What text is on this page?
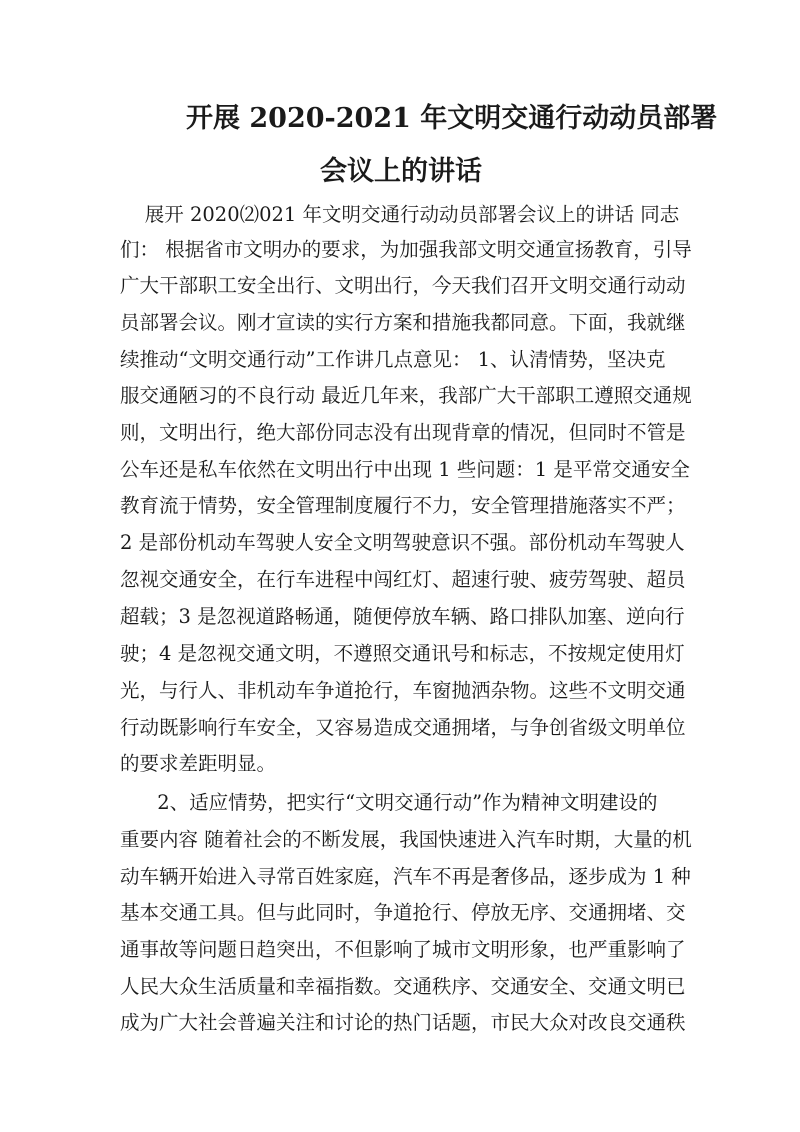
开展 2020-2021 年文明交通行动动员部署
会议上的讲话
展开 2020⑵021 年文明交通行动动员部署会议上的讲话 同志
们： 根据省市文明办的要求，为加强我部文明交通宣扬教育，引导
广大干部职工安全出行、文明出行，今天我们召开文明交通行动动
员部署会议。刚才宣读的实行方案和措施我都同意。下面，我就继
续推动“文明交通行动”工作讲几点意见： 1、认清情势，坚决克
服交通陋习的不良行动 最近几年来，我部广大干部职工遵照交通规
则，文明出行，绝大部份同志没有出现背章的情况，但同时不管是
公车还是私车依然在文明出行中出现 1 些问题：1 是平常交通安全
教育流于情势，安全管理制度履行不力，安全管理措施落实不严；
2 是部份机动车驾驶人安全文明驾驶意识不强。部份机动车驾驶人
忽视交通安全，在行车进程中闯红灯、超速行驶、疲劳驾驶、超员
超载；3 是忽视道路畅通，随便停放车辆、路口排队加塞、逆向行
驶；4 是忽视交通文明，不遵照交通讯号和标志，不按规定使用灯
光，与行人、非机动车争道抢行，车窗抛洒杂物。这些不文明交通
行动既影响行车安全，又容易造成交通拥堵，与争创省级文明单位
的要求差距明显。
2、适应情势，把实行“文明交通行动”作为精神文明建设的
重要内容 随着社会的不断发展，我国快速进入汽车时期，大量的机
动车辆开始进入寻常百姓家庭，汽车不再是奢侈品，逐步成为 1 种
基本交通工具。但与此同时，争道抢行、停放无序、交通拥堵、交
通事故等问题日趋突出，不但影响了城市文明形象，也严重影响了
人民大众生活质量和幸福指数。交通秩序、交通安全、交通文明已
成为广大社会普遍关注和讨论的热门话题，市民大众对改良交通秩
